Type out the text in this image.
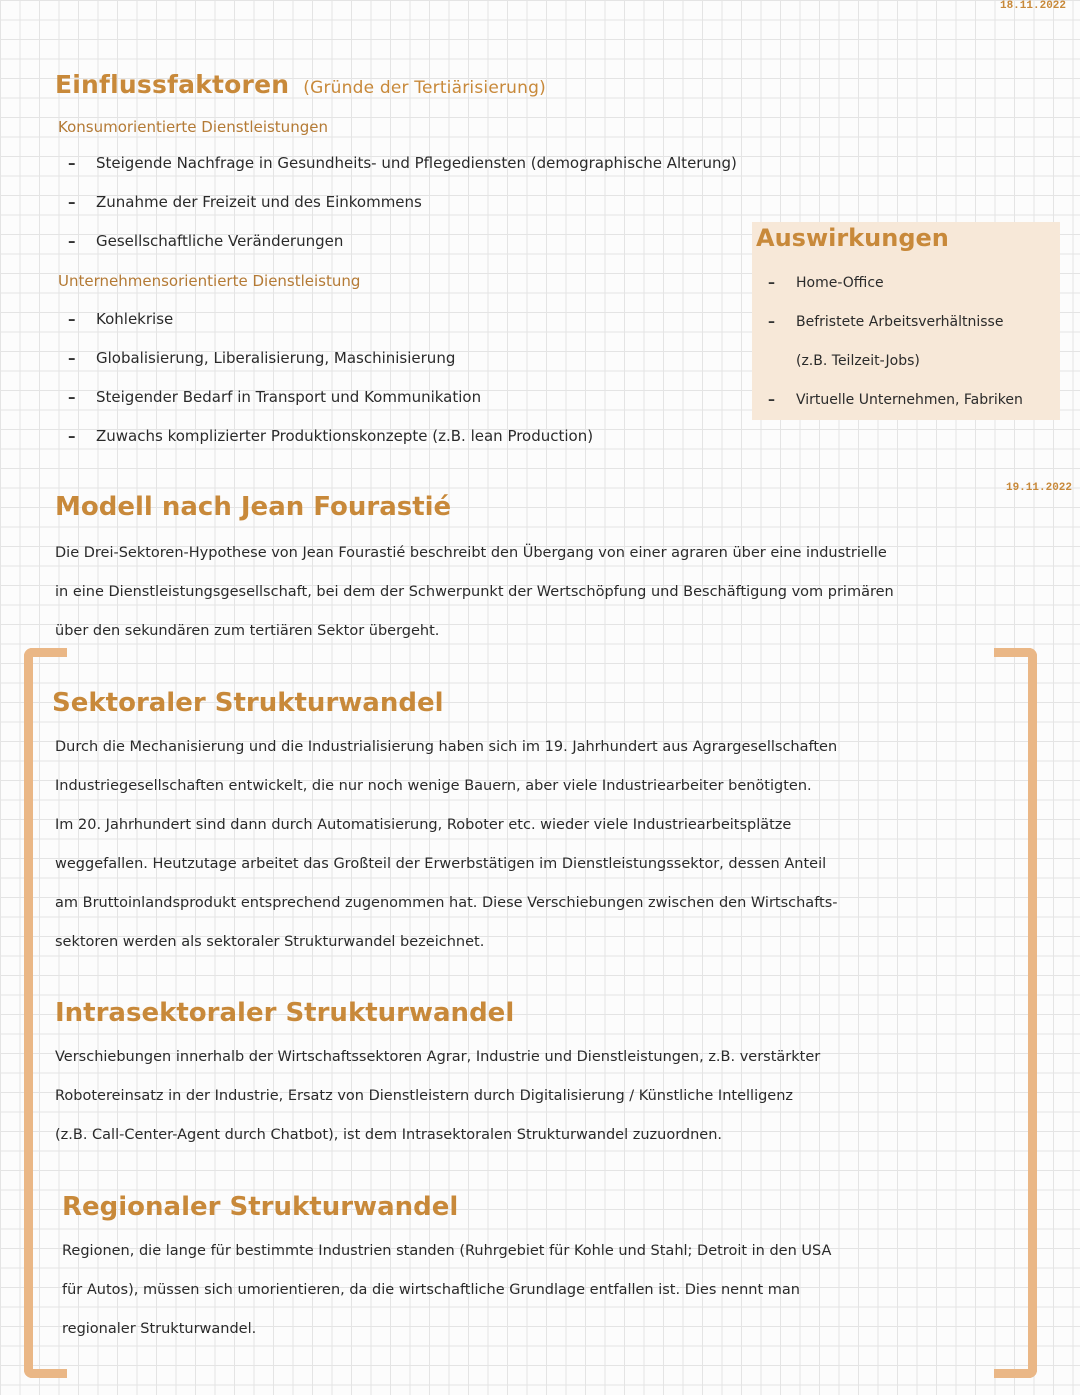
18.11.2022
19.11.2022
Einflussfaktoren (Gründe der Tertiärisierung)
Konsumorientierte Dienstleistungen
– Steigende Nachfrage in Gesundheits- und Pflegediensten (demographische Alterung)
– Zunahme der Freizeit und des Einkommens
– Gesellschaftliche Veränderungen
Unternehmensorientierte Dienstleistung
– Kohlekrise
– Globalisierung, Liberalisierung, Maschinisierung
– Steigender Bedarf in Transport und Kommunikation
– Zuwachs komplizierter Produktionskonzepte (z.B. lean Production)
Auswirkungen
– Home-Office
– Befristete Arbeitsverhältnisse
(z.B. Teilzeit-Jobs)
– Virtuelle Unternehmen, Fabriken
Modell nach Jean Fourastié
Die Drei-Sektoren-Hypothese von Jean Fourastié beschreibt den Übergang von einer agraren über eine industrielle
in eine Dienstleistungsgesellschaft, bei dem der Schwerpunkt der Wertschöpfung und Beschäftigung vom primären
über den sekundären zum tertiären Sektor übergeht.
Sektoraler Strukturwandel
Durch die Mechanisierung und die Industrialisierung haben sich im 19. Jahrhundert aus Agrargesellschaften
Industriegesellschaften entwickelt, die nur noch wenige Bauern, aber viele Industriearbeiter benötigten.
Im 20. Jahrhundert sind dann durch Automatisierung, Roboter etc. wieder viele Industriearbeitsplätze
weggefallen. Heutzutage arbeitet das Großteil der Erwerbstätigen im Dienstleistungssektor, dessen Anteil
am Bruttoinlandsprodukt entsprechend zugenommen hat. Diese Verschiebungen zwischen den Wirtschafts-
sektoren werden als sektoraler Strukturwandel bezeichnet.
Intrasektoraler Strukturwandel
Verschiebungen innerhalb der Wirtschaftssektoren Agrar, Industrie und Dienstleistungen, z.B. verstärkter
Robotereinsatz in der Industrie, Ersatz von Dienstleistern durch Digitalisierung / Künstliche Intelligenz
(z.B. Call-Center-Agent durch Chatbot), ist dem Intrasektoralen Strukturwandel zuzuordnen.
Regionaler Strukturwandel
Regionen, die lange für bestimmte Industrien standen (Ruhrgebiet für Kohle und Stahl; Detroit in den USA
für Autos), müssen sich umorientieren, da die wirtschaftliche Grundlage entfallen ist. Dies nennt man
regionaler Strukturwandel.
